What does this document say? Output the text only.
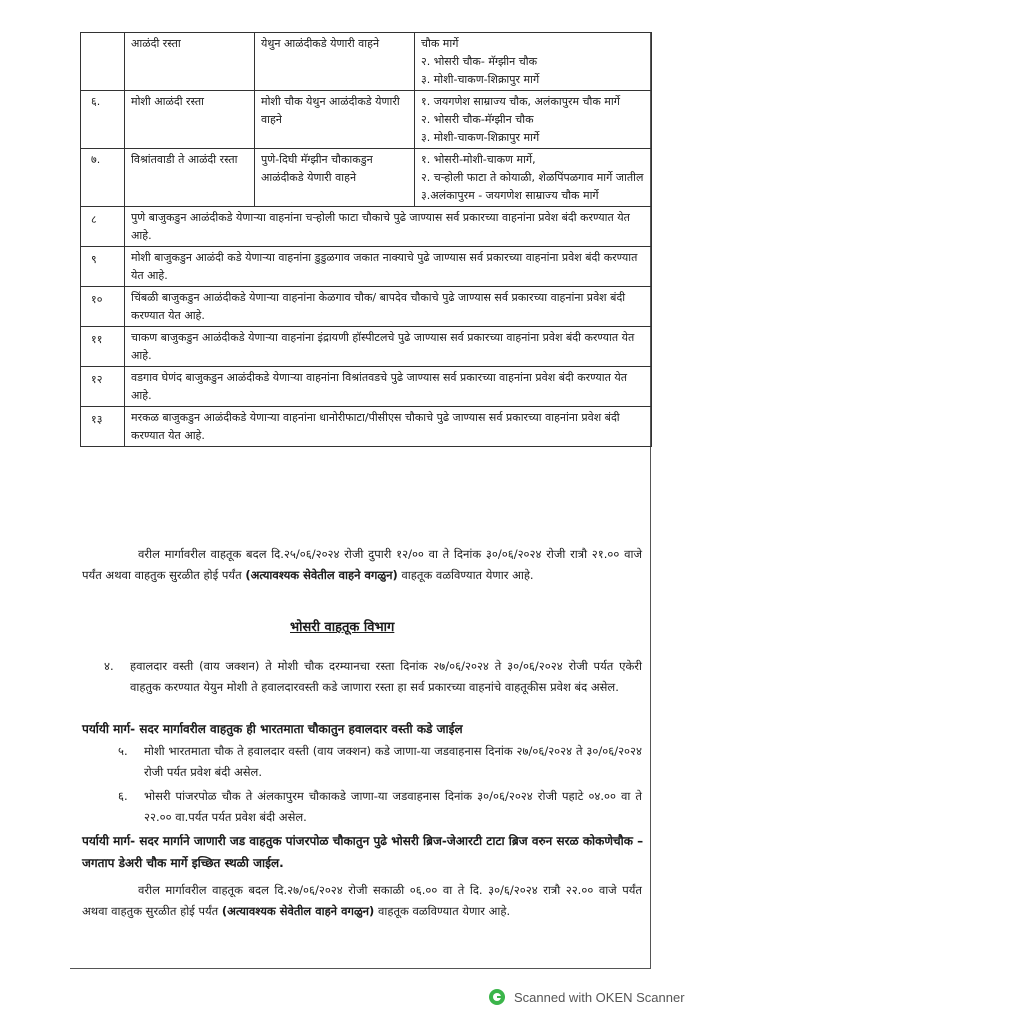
	आळंदी रस्ता	येथुन आळंदीकडे येणारी वाहने	चौक मार्गे
२. भोसरी चौक- मॅग्झीन चौक
३. मोशी-चाकण-शिक्रापुर मार्गे

६.	मोशी आळंदी रस्ता	मोशी चौक येथुन आळंदीकडे येणारी वाहने	१. जयगणेश साम्राज्य चौक, अलंकापुरम चौक मार्गे
२. भोसरी चौक-मॅग्झीन चौक
३. मोशी-चाकण-शिक्रापुर मार्गे

७.	विश्रांतवाडी ते आळंदी रस्ता	पुणे-दिघी मॅग्झीन चौकाकडुन आळंदीकडे येणारी वाहने	१. भोसरी-मोशी-चाकण मार्गे,
२. चऱ्होली फाटा ते कोयाळी, शेळपिंपळगाव मार्गे जातील
३.अलंकापुरम - जयगणेश साम्राज्य चौक मार्गे

८	पुणे बाजुकडुन आळंदीकडे येणाऱ्या वाहनांना चऱ्होली फाटा चौकाचे पुढे जाण्यास सर्व प्रकारच्या वाहनांना प्रवेश बंदी करण्यात येत आहे.		
९	मोशी बाजुकडुन आळंदी कडे येणाऱ्या वाहनांना डुडुळगाव जकात नाक्याचे पुढे जाण्यास सर्व प्रकारच्या वाहनांना प्रवेश बंदी करण्यात येत आहे.		
१०	चिंबळी बाजुकडुन आळंदीकडे येणाऱ्या वाहनांना केळगाव चौक/ बापदेव चौकाचे पुढे जाण्यास सर्व प्रकारच्या वाहनांना प्रवेश बंदी करण्यात येत आहे.		
११	चाकण बाजुकडुन आळंदीकडे येणाऱ्या वाहनांना इंद्रायणी हॉस्पीटलचे पुढे जाण्यास सर्व प्रकारच्या वाहनांना प्रवेश बंदी करण्यात येत आहे.		
१२	वडगाव घेणंद बाजुकडुन आळंदीकडे येणाऱ्या वाहनांना विश्रांतवडचे पुढे जाण्यास सर्व प्रकारच्या वाहनांना प्रवेश बंदी करण्यात येत आहे.		
१३	मरकळ बाजुकडुन आळंदीकडे येणाऱ्या वाहनांना धानोरीफाटा/पीसीएस चौकाचे पुढे जाण्यास सर्व प्रकारच्या वाहनांना प्रवेश बंदी करण्यात येत आहे.		
वरील मार्गावरील वाहतूक बदल दि.२५/०६/२०२४ रोजी दुपारी १२/०० वा ते दिनांक ३०/०६/२०२४ रोजी रात्रौ २१.०० वाजे पर्यंत अथवा वाहतुक सुरळीत होई पर्यंत (अत्यावश्यक सेवेतील वाहने वगळुन) वाहतूक वळविण्यात येणार आहे.
भोसरी वाहतूक विभाग
४. हवालदार वस्ती (वाय जक्शन) ते मोशी चौक दरम्यानचा रस्ता दिनांक २७/०६/२०२४ ते ३०/०६/२०२४ रोजी पर्यत एकेरी वाहतुक करण्यात येयुन मोशी ते हवालदारवस्ती कडे जाणारा रस्ता हा सर्व प्रकारच्या वाहनांचे वाहतूकीस प्रवेश बंद असेल.
पर्यायी मार्ग- सदर मार्गावरील वाहतुक ही भारतमाता चौकातुन हवालदार वस्ती कडे जाईल
५. मोशी भारतमाता चौक ते हवालदार वस्ती (वाय जक्शन) कडे जाणा-या जडवाहनास दिनांक २७/०६/२०२४ ते ३०/०६/२०२४ रोजी पर्यत प्रवेश बंदी असेल.
६. भोसरी पांजरपोळ चौक ते अंलकापुरम चौकाकडे जाणा-या जडवाहनास दिनांक ३०/०६/२०२४ रोजी पहाटे ०४.०० वा ते २२.०० वा.पर्यत पर्यत प्रवेश बंदी असेल.
पर्यायी मार्ग- सदर मार्गाने जाणारी जड वाहतुक पांजरपोळ चौकातुन पुढे भोसरी ब्रिज-जेआरटी टाटा ब्रिज वरुन सरळ कोकणेचौक –जगताप डेअरी चौक मार्गे इच्छित स्थळी जाईल.
वरील मार्गावरील वाहतूक बदल दि.२७/०६/२०२४ रोजी सकाळी ०६.०० वा ते दि. ३०/६/२०२४ रात्रौ २२.०० वाजे पर्यंत अथवा वाहतुक सुरळीत होई पर्यंत (अत्यावश्यक सेवेतील वाहने वगळुन) वाहतूक वळविण्यात येणार आहे.
Scanned with OKEN Scanner
